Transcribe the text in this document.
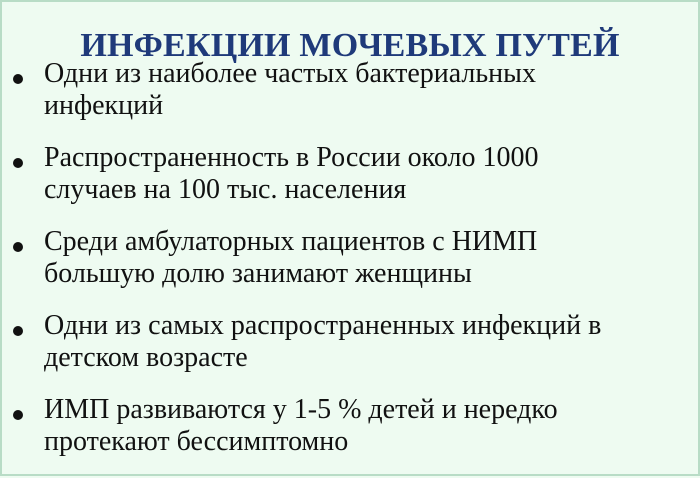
ИНФЕКЦИИ МОЧЕВЫХ ПУТЕЙ
Одни из наиболее частых бактериальных
инфекций
Распространенность в России около 1000
случаев на 100 тыс. населения
Среди амбулаторных пациентов с НИМП
большую долю занимают женщины
Одни из самых распространенных инфекций в
детском возрасте
ИМП развиваются у 1-5 % детей и нередко
протекают бессимптомно
